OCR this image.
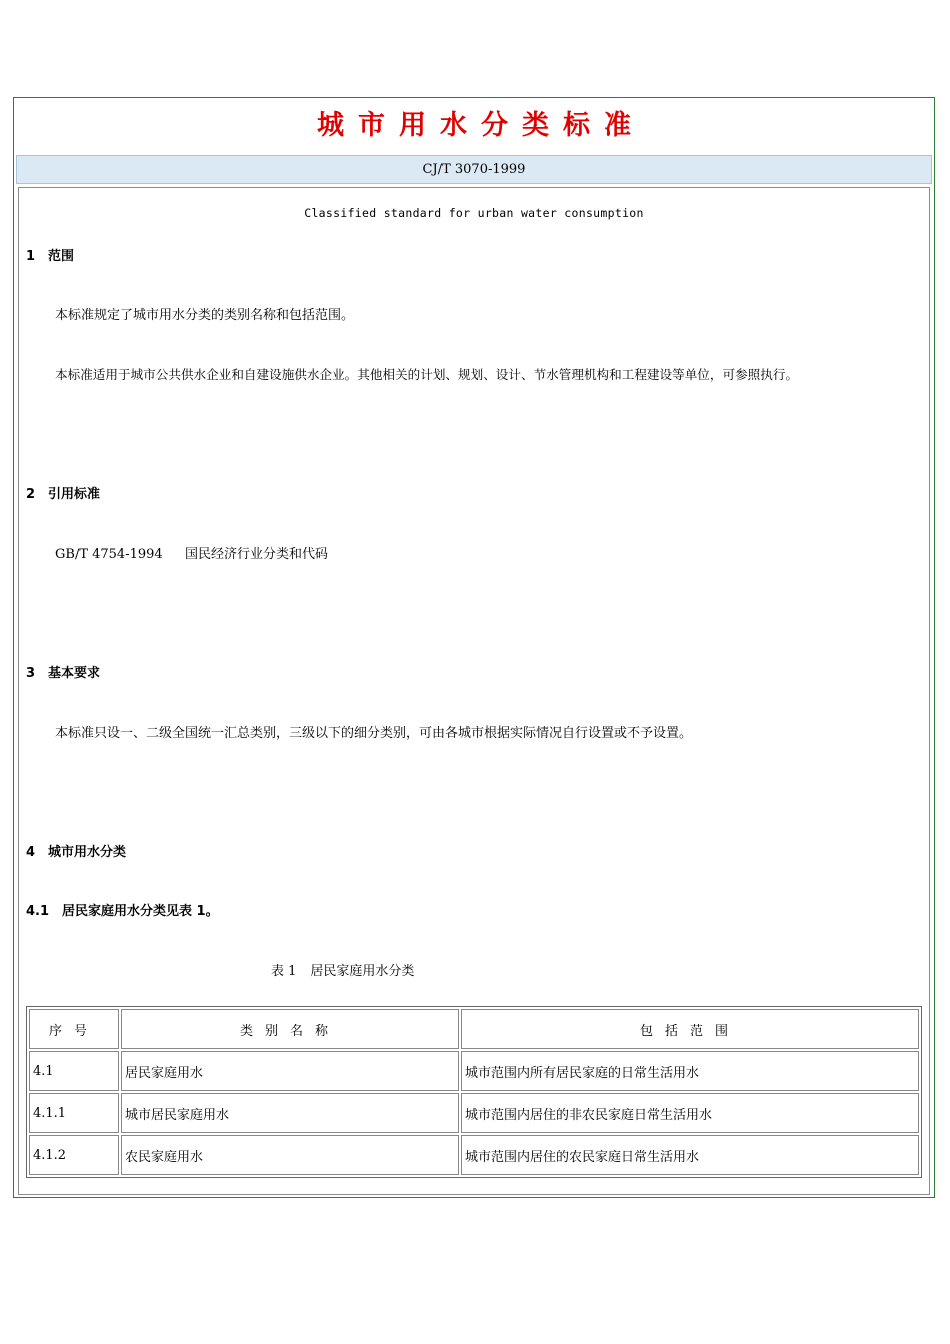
城市用水分类标准
CJ/T 3070-1999
Classified standard for urban water consumption
1 范围
本标准规定了城市用水分类的类别名称和包括范围。
本标准适用于城市公共供水企业和自建设施供水企业。其他相关的计划、规划、设计、节水管理机构和工程建设等单位，可参照执行。
2 引用标准
GB/T 4754-1994 国民经济行业分类和代码
3 基本要求
本标准只设一、二级全国统一汇总类别，三级以下的细分类别，可由各城市根据实际情况自行设置或不予设置。
4 城市用水分类
4.1 居民家庭用水分类见表 1。
表 1 居民家庭用水分类
序号	类别名称	包括范围
4.1	居民家庭用水	城市范围内所有居民家庭的日常生活用水
4.1.1	城市居民家庭用水	城市范围内居住的非农民家庭日常生活用水
4.1.2	农民家庭用水	城市范围内居住的农民家庭日常生活用水
